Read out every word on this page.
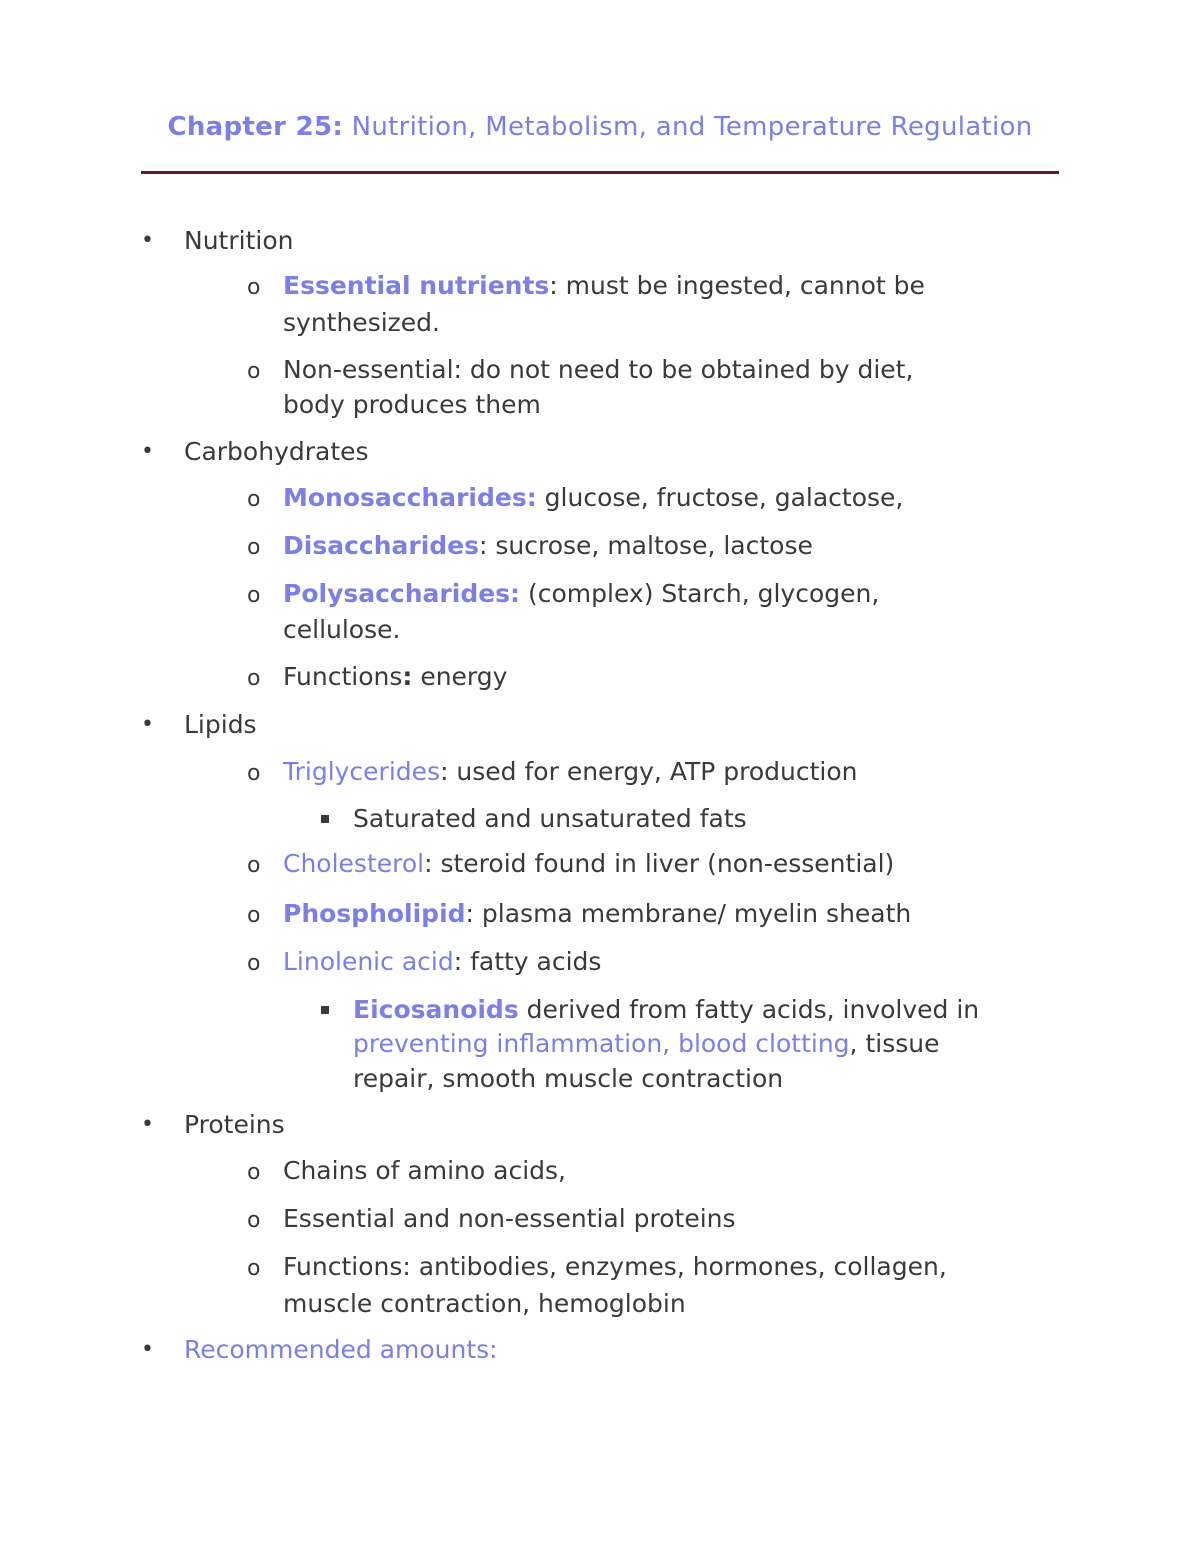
Chapter 25: Nutrition, Metabolism, and Temperature Regulation
• Nutrition
o Essential nutrients: must be ingested, cannot be
synthesized.
o Non-essential: do not need to be obtained by diet,
body produces them
• Carbohydrates
o Monosaccharides: glucose, fructose, galactose,
o Disaccharides: sucrose, maltose, lactose
o Polysaccharides: (complex) Starch, glycogen,
cellulose.
o Functions: energy
• Lipids
o Triglycerides: used for energy, ATP production
Saturated and unsaturated fats
o Cholesterol: steroid found in liver (non-essential)
o Phospholipid: plasma membrane/ myelin sheath
o Linolenic acid: fatty acids
Eicosanoids derived from fatty acids, involved in
preventing inflammation, blood clotting, tissue
repair, smooth muscle contraction
• Proteins
o Chains of amino acids,
o Essential and non-essential proteins
o Functions: antibodies, enzymes, hormones, collagen,
muscle contraction, hemoglobin
• Recommended amounts:
